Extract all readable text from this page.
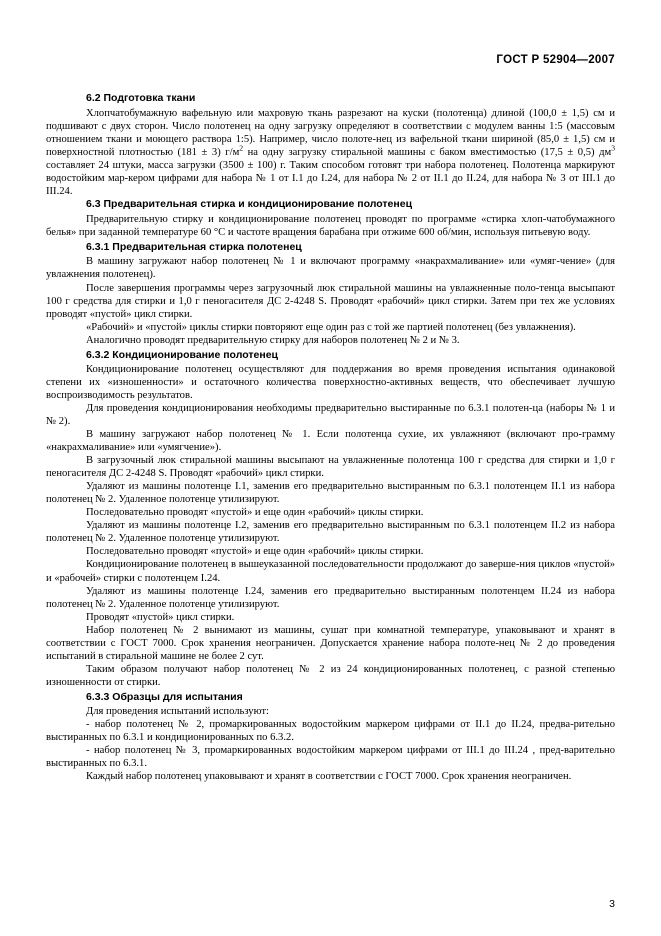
ГОСТ Р 52904—2007
6.2 Подготовка ткани

Хлопчатобумажную вафельную или махровую ткань разрезают на куски (полотенца) длиной (100,0 ± 1,5) см и подшивают с двух сторон. Число полотенец на одну загрузку определяют в соответствии с модулем ванны 1:5 (массовым отношением ткани и моющего раствора 1:5). Например, число полоте-нец из вафельной ткани шириной (85,0 ± 1,5) см и поверхностной плотностью (181 ± 3) $г/м^2$ на одну загрузку стиральной машины с баком вместимостью (17,5 ± 0,5) $дм^3$ составляет 24 штуки, масса загрузки (3500 ± 100) г. Таким способом готовят три набора полотенец. Полотенца маркируют водостойким мар-кером цифрами для набора № 1 от I.1 до I.24, для набора № 2 от II.1 до II.24, для набора № 3 от III.1 до III.24.

6.3 Предварительная стирка и кондиционирование полотенец

Предварительную стирку и кондиционирование полотенец проводят по программе «стирка хлоп-чатобумажного белья» при заданной температуре 60 °С и частоте вращения барабана при отжиме 600 об/мин, используя питьевую воду.

6.3.1 Предварительная стирка полотенец

В машину загружают набор полотенец № 1 и включают программу «накрахмаливание» или «умяг-чение» (для увлажнения полотенец).

После завершения программы через загрузочный люк стиральной машины на увлажненные поло-тенца высыпают 100 г средства для стирки и 1,0 г пеногасителя ДС 2-4248 S. Проводят «рабочий» цикл стирки. Затем при тех же условиях проводят «пустой» цикл стирки.

«Рабочий» и «пустой» циклы стирки повторяют еще один раз с той же партией полотенец (без увлажнения).

Аналогично проводят предварительную стирку для наборов полотенец № 2 и № 3.

6.3.2 Кондиционирование полотенец

Кондиционирование полотенец осуществляют для поддержания во время проведения испытания одинаковой степени их «изношенности» и остаточного количества поверхностно-активных веществ, что обеспечивает лучшую воспроизводимость результатов.

Для проведения кондиционирования необходимы предварительно выстиранные по 6.3.1 полотен-ца (наборы № 1 и № 2).

В машину загружают набор полотенец № 1. Если полотенца сухие, их увлажняют (включают про-грамму «накрахмаливание» или «умягчение»).

В загрузочный люк стиральной машины высыпают на увлажненные полотенца 100 г средства для стирки и 1,0 г пеногасителя ДС 2-4248 S. Проводят «рабочий» цикл стирки.

Удаляют из машины полотенце I.1, заменив его предварительно выстиранным по 6.3.1 полотенцем II.1 из набора полотенец № 2. Удаленное полотенце утилизируют.

Последовательно проводят «пустой» и еще один «рабочий» циклы стирки.

Удаляют из машины полотенце I.2, заменив его предварительно выстиранным по 6.3.1 полотенцем II.2 из набора полотенец № 2. Удаленное полотенце утилизируют.

Последовательно проводят «пустой» и еще один «рабочий» циклы стирки.

Кондиционирование полотенец в вышеуказанной последовательности продолжают до заверше-ния циклов «пустой» и «рабочей» стирки с полотенцем I.24.

Удаляют из машины полотенце I.24, заменив его предварительно выстиранным полотенцем II.24 из набора полотенец № 2. Удаленное полотенце утилизируют.

Проводят «пустой» цикл стирки.

Набор полотенец № 2 вынимают из машины, сушат при комнатной температуре, упаковывают и хранят в соответствии с ГОСТ 7000. Срок хранения неограничен. Допускается хранение набора полоте-нец № 2 до проведения испытаний в стиральной машине не более 2 сут.

Таким образом получают набор полотенец № 2 из 24 кондиционированных полотенец, с разной степенью изношенности от стирки.

6.3.3 Образцы для испытания

Для проведения испытаний используют:

- набор полотенец № 2, промаркированных водостойким маркером цифрами от II.1 до II.24, предва-рительно выстиранных по 6.3.1 и кондиционированных по 6.3.2.

- набор полотенец № 3, промаркированных водостойким маркером цифрами от III.1 до III.24 , пред-варительно выстиранных по 6.3.1.

Каждый набор полотенец упаковывают и хранят в соответствии с ГОСТ 7000. Срок хранения неограничен.

3
